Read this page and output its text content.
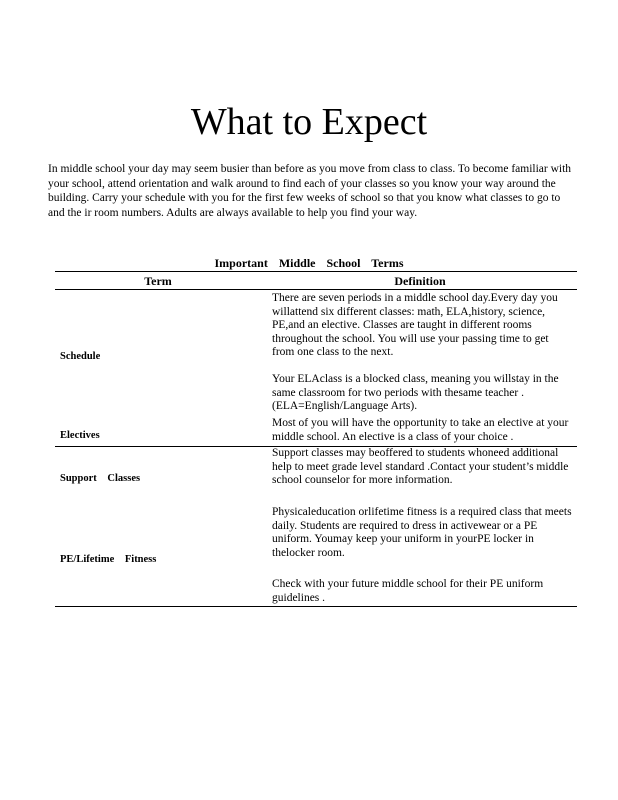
What to Expect

In middle school your day may seem busier than before as you move from class to class. To become familiar with your school, attend orientation and walk around to find each of your classes so you know your way around the building. Carry your schedule with you for the first few weeks of school so that you know what classes to go to and the ir room numbers. Adults are always available to help you find your way.

Important Middle School Terms
Term	Definition
Schedule

There are seven periods in a middle school day.Every day you willattend six different classes: math, ELA,history, science, PE,and an elective. Classes are taught in different rooms throughout the school. You will use your passing time to get from one class to the next.

Your ELAclass is a blocked class, meaning you willstay in the same classroom for two periods with thesame teacher . (ELA=English/Language Arts).

Electives

Most of you will have the opportunity to take an elective at your middle school. An elective is a class of your choice .

Support Classes

Support classes may beoffered to students whoneed additional help to meet grade level standard .Contact your student’s middle school counselor for more information.

PE/Lifetime Fitness

Physicaleducation orlifetime fitness is a required class that meets daily. Students are required to dress in activewear or a PE uniform. Youmay keep your uniform in yourPE locker in thelocker room.

Check with your future middle school for their PE uniform guidelines .
